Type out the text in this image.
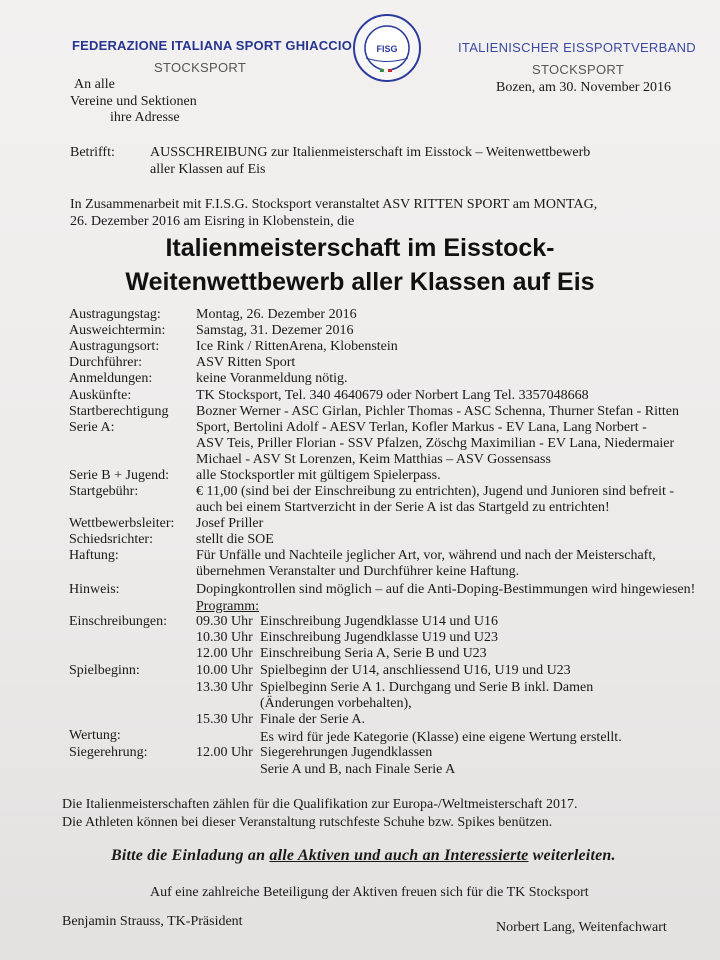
FEDERAZIONE ITALIANA SPORT GHIACCIO
STOCKSPORT
FISG	ITALIENISCHER EISSPORTVERBAND
STOCKSPORT
Bozen, am 30. November 2016
An alle
Vereine und Sektionen
ihre Adresse
Betrifft:	AUSSCHREIBUNG zur Italienmeisterschaft im Eisstock – Weitenwettbewerb
aller Klassen auf Eis
In Zusammenarbeit mit F.I.S.G. Stocksport veranstaltet ASV RITTEN SPORT am MONTAG,
26. Dezember 2016 am Eisring in Klobenstein, die
Italienmeisterschaft im Eisstock-
Weitenwettbewerb aller Klassen auf Eis
Austragungstag:	Montag, 26. Dezember 2016
Ausweichtermin: Samstag, 31. Dezemer 2016
Austragungsort:	Ice Rink / RittenArena, Klobenstein
Durchführer:	ASV Ritten Sport
Anmeldungen:	keine Voranmeldung nötig.
Auskünfte:	TK Stocksport, Tel. 340 4640679 oder Norbert Lang Tel. 3357048668
Startberechtigung
Serie A:
Bozner Werner - ASC Girlan, Pichler Thomas - ASC Schenna, Thurner Stefan - Ritten
Sport, Bertolini Adolf - AESV Terlan, Kofler Markus - EV Lana, Lang Norbert -
ASV Teis, Priller Florian - SSV Pfalzen, Zöschg Maximilian - EV Lana, Niedermaier
Michael - ASV St Lorenzen, Keim Matthias – ASV Gossensass
Serie B + Jugend: alle Stocksportler mit gültigem Spielerpass.
Startgebühr:	€ 11,00 (sind bei der Einschreibung zu entrichten), Jugend und Junioren sind befreit -
auch bei einem Startverzicht in der Serie A ist das Startgeld zu entrichten!
Wettbewerbsleiter: Josef Priller
Schiedsrichter:	stellt die SOE
Haftung:	Für Unfälle und Nachteile jeglicher Art, vor, während und nach der Meisterschaft,
übernehmen Veranstalter und Durchführer keine Haftung.
Hinweis:	Dopingkontrollen sind möglich – auf die Anti-Doping-Bestimmungen wird hingewiesen!
Programm:
Einschreibungen: 09.30 Uhr Einschreibung Jugendklasse U14 und U16
10.30 Uhr Einschreibung Jugendklasse U19 und U23
12.00 Uhr Einschreibung Seria A, Serie B und U23
Spielbeginn:	10.00 Uhr Spielbeginn der U14, anschliessend U16, U19 und U23
13.30 Uhr Spielbeginn Serie A 1. Durchgang und Serie B inkl. Damen
(Änderungen vorbehalten),
15.30 Uhr Finale der Serie A.
Wertung:	Es wird für jede Kategorie (Klasse) eine eigene Wertung erstellt.
Siegerehrung:	12.00 Uhr Siegerehrungen Jugendklassen
Serie A und B, nach Finale Serie A
Die Italienmeisterschaften zählen für die Qualifikation zur Europa-/Weltmeisterschaft 2017.
Die Athleten können bei dieser Veranstaltung rutschfeste Schuhe bzw. Spikes benützen.
Bitte die Einladung an alle Aktiven und auch an Interessierte weiterleiten.
Auf eine zahlreiche Beteiligung der Aktiven freuen sich für die TK Stocksport
Benjamin Strauss, TK-Präsident	Norbert Lang, Weitenfachwart
